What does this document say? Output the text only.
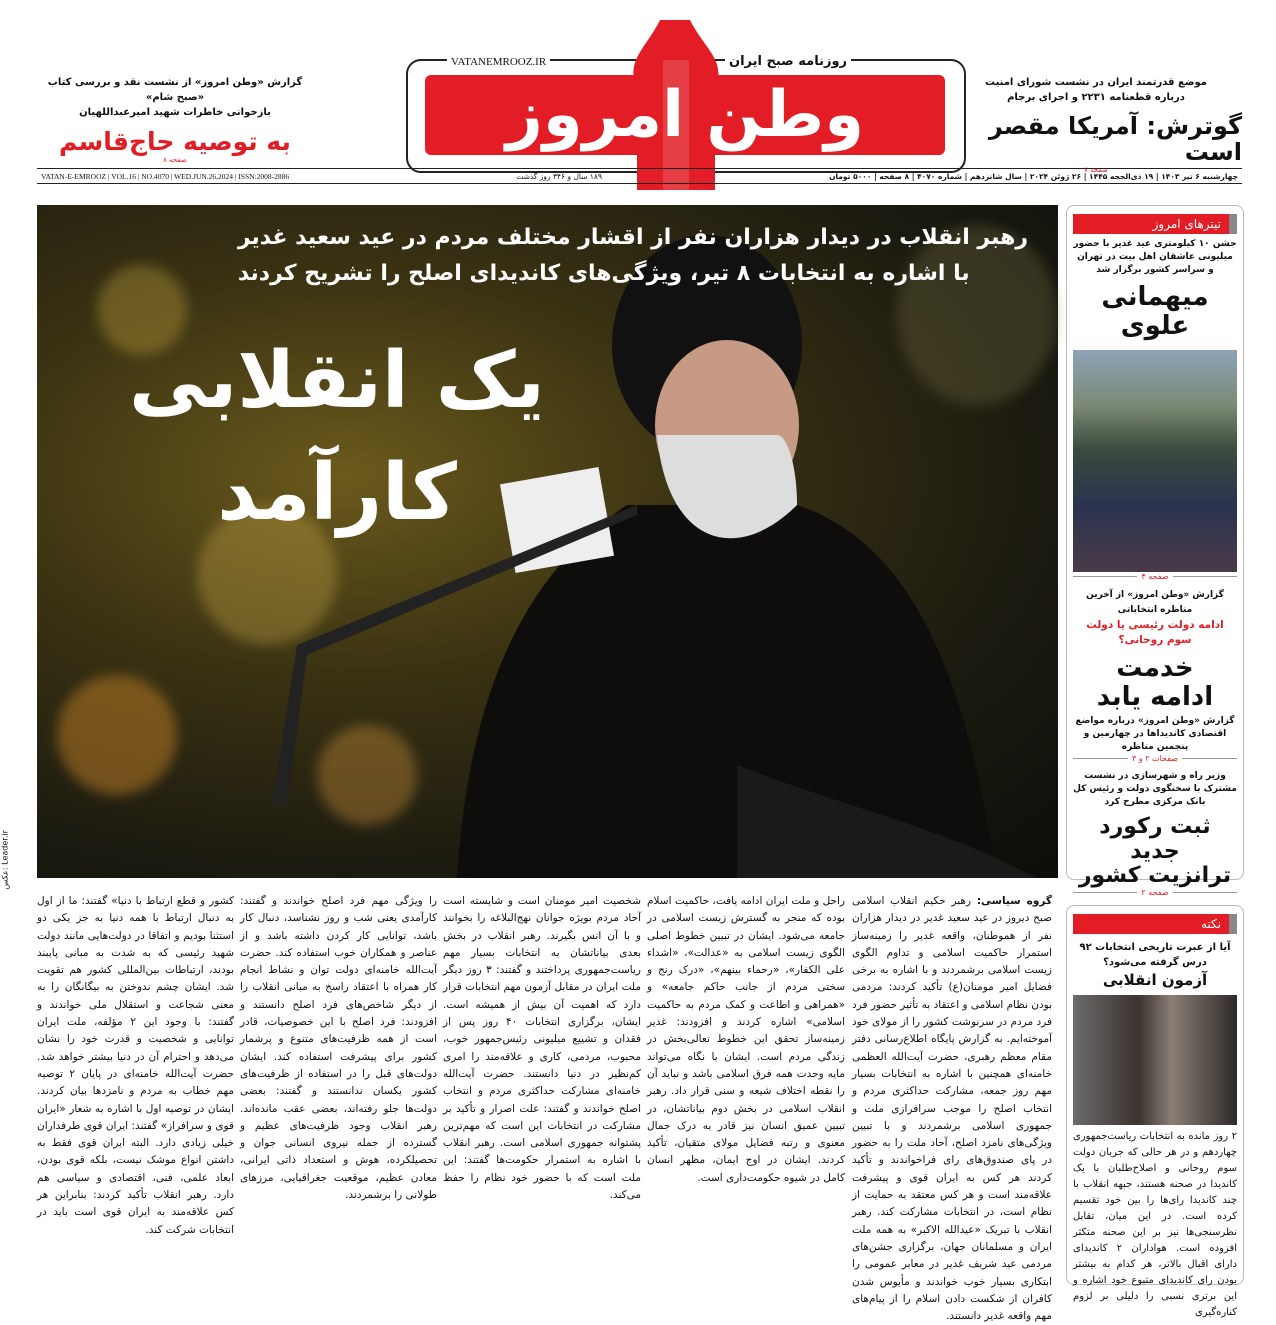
وطن امروز
VATANEMROOZ.IR	روزنامه صبح ایران
گزارش «وطن امروز» از نشست نقد و بررسی کتاب «صبح شام»
بازخوانی خاطرات شهید امیرعبداللهیان
به توصیه حاج‌قاسم
صفحه ۸
موضع قدرتمند ایران در نشست شورای امنیت
درباره قطعنامه ۲۲۳۱ و اجرای برجام
گوترش: آمریکا مقصر است
صفحه ۷
VATAN-E-EMROOZ | VOL.16 | NO.4070 | WED.JUN.26,2024 | ISSN:2008-2886	۱۸۹ سال و ۳۴۶ روز گذشت	چهارشنبه ۶ تیر ۱۴۰۳ | ۱۹ ذی‌الحجه ۱۴۴۵ | ۲۶ ژوئن ۲۰۲۴ | سال شانزدهم | شماره ۴۰۷۰ | ۸ صفحه | ۵۰۰۰ تومان
رهبر انقلاب در دیدار هزاران نفر از اقشار مختلف مردم در عید سعید غدیر
با اشاره به انتخابات ۸ تیر، ویژگی‌های کاندیدای اصلح را تشریح کردند
یک انقلابی
کارآمد
عکس: Leader.ir
تیترهای امروز
جشن ۱۰ کیلومتری عید غدیر با حضور میلیونی عاشقان اهل بیت در تهران و سراسر کشور برگزار شد
میهمانی
علوی
صفحه ۴
گزارش «وطن امروز» از آخرین مناظره انتخاباتی
ادامه دولت رئیسی یا دولت سوم روحانی؟
خدمت
ادامه یابد
گزارش «وطن امروز» درباره مواضع اقتصادی کاندیداها در چهارمین و پنجمین مناظره
صفحات ۲ و ۳
وزیر راه و شهرسازی در نشست مشترک با سخنگوی دولت و رئیس کل بانک مرکزی مطرح کرد
ثبت رکورد جدید
ترانزیت کشور
صفحه ۲
نکته
آیا از عبرت تاریخی انتخابات ۹۲ درس گرفته می‌شود؟
آزمون انقلابی
۲ روز مانده به انتخابات ریاست‌جمهوری چهاردهم و در هر حالی که جریان دولت سوم روحانی و اصلاح‌طلبان با یک کاندیدا در صحنه هستند، جبهه انقلاب با چند کاندیدا رای‌ها را بین خود تقسیم کرده است. در این میان، تقابل نظرسنجی‌ها نیز بر این صحنه متکثر افزوده است. هواداران ۲ کاندیدای دارای اقبال بالاتر، هر کدام به بیشتر بودن رای کاندیدای متبوع خود اشاره و این برتری نسبی را دلیلی بر لزوم کناره‌گیری
گروه سیاسی: رهبر حکیم انقلاب اسلامی صبح دیروز در عید سعید غدیر در دیدار هزاران نفر از هموطنان، واقعه غدیر را زمینه‌ساز استمرار حاکمیت اسلامی و تداوم الگوی زیست اسلامی برشمردند و با اشاره به برخی فضایل امیر مومنان(ع) تأکید کردند: مردمی بودن نظام اسلامی و اعتقاد به تأثیر حضور فرد فرد مردم در سرنوشت کشور را از مولای خود آموخته‌ایم. به گزارش پایگاه اطلاع‌رسانی دفتر مقام معظم رهبری، حضرت آیت‌الله العظمی خامنه‌ای همچنین با اشاره به انتخابات بسیار مهم روز جمعه، مشارکت حداکثری مردم و انتخاب اصلح را موجب سرافرازی ملت و جمهوری اسلامی برشمردند و با تبیین ویژگی‌های نامزد اصلح، آحاد ملت را به حضور در پای صندوق‌های رای فراخواندند و تأکید کردند هر کس به ایران قوی و پیشرفت علاقه‌مند است و هر کس معتقد به حمایت از نظام است، در انتخابات مشارکت کند. رهبر انقلاب با تبریک «عیدالله الاکبر» به همه ملت ایران و مسلمانان جهان، برگزاری جشن‌های مردمی عید شریف غدیر در معابر عمومی را ابتکاری بسیار خوب خواندند و مأیوس شدن کافران از شکست دادن اسلام را از پیام‌های مهم واقعه غدیر دانستند.
راحل و ملت ایران ادامه یافت، حاکمیت اسلام بوده که منجر به گسترش زیست اسلامی در جامعه می‌شود. ایشان در تبیین خطوط اصلی الگوی زیست اسلامی به «عدالت»، «اشداء علی الکفار»، «رحماء بینهم»، «درک رنج و سختی مردم از جانب حاکم جامعه» و «همراهی و اطاعت و کمک مردم به حاکمیت اسلامی» اشاره کردند و افزودند: غدیر زمینه‌ساز تحقق این خطوط تعالی‌بخش در زندگی مردم است. ایشان با نگاه می‌تواند مایه وحدت همه فرق اسلامی باشد و نباید آن را نقطه اختلاف شیعه و سنی قرار داد. رهبر انقلاب اسلامی در بخش دوم بیاناتشان، در تبیین عمیق انسان نیز قادر به درک جمال معنوی و رتبه فضایل مولای متقیان، تأکید کردند. ایشان در اوج ایمان، مظهر انسان کامل در شیوه حکومت‌داری است.
شخصیت امیر مومنان است و شایسته است آحاد مردم بویژه جوانان نهج‌البلاغه را بخوانند و با آن انس بگیرند. رهبر انقلاب در بخش بعدی بیاناتشان به انتخابات بسیار مهم ریاست‌جمهوری پرداختند و گفتند: ۳ روز دیگر ملت ایران در مقابل آزمون مهم انتخابات قرار دارد که اهمیت آن بیش از همیشه است. ایشان، برگزاری انتخابات ۴۰ روز پس از فقدان و تشییع میلیونی رئیس‌جمهور خوب، محبوب، مردمی، کاری و علاقه‌مند را امری کم‌نظیر در دنیا دانستند. حضرت آیت‌الله خامنه‌ای مشارکت حداکثری مردم و انتخاب اصلح خواندند و گفتند: علت اصرار و تأکید بر مشارکت در انتخابات این است که مهم‌ترین پشتوانه جمهوری اسلامی است. رهبر انقلاب با اشاره به استمرار حکومت‌ها گفتند: این ملت است که با حضور خود نظام را حفظ می‌کند.
را ویژگی مهم فرد اصلح خواندند و گفتند: کارآمدی یعنی شب و روز نشناسد، دنبال کار باشد، توانایی کار کردن داشته باشد و از عناصر و همکاران خوب استفاده کند. حضرت آیت‌الله خامنه‌ای دولت توان و نشاط انجام کار همراه با اعتقاد راسخ به مبانی انقلاب را از دیگر شاخص‌های فرد اصلح دانستند و افزودند: فرد اصلح با این خصوصیات، قادر است از همه ظرفیت‌های متنوع و پرشمار کشور برای پیشرفت استفاده کند. ایشان دولت‌های قبل را در استفاده از ظرفیت‌های کشور یکسان ندانستند و گفتند: بعضی دولت‌ها جلو رفته‌اند، بعضی عقب مانده‌اند. رهبر انقلاب وجود ظرفیت‌های عظیم و گسترده از جمله نیروی انسانی جوان و تحصیلکرده، هوش و استعداد ذاتی ایرانی، معادن عظیم، موقعیت جغرافیایی، مرزهای طولانی را برشمردند.
کشور و قطع ارتباط با دنیا» گفتند: ما از اول به دنبال ارتباط با همه دنیا به جز یکی دو استثنا بودیم و اتفاقا در دولت‌هایی مانند دولت شهید رئیسی که به شدت به مبانی پایبند بودند، ارتباطات بین‌المللی کشور هم تقویت شد. ایشان چشم ندوختن به بیگانگان را به معنی شجاعت و استقلال ملی خواندند و گفتند: با وجود این ۲ مؤلفه، ملت ایران توانایی و شخصیت و قدرت خود را نشان می‌دهد و احترام آن در دنیا بیشتر خواهد شد. حضرت آیت‌الله خامنه‌ای در پایان ۲ توصیه مهم خطاب به مردم و نامزدها بیان کردند. ایشان در توصیه اول با اشاره به شعار «ایران قوی و سرافراز» گفتند: ایران قوی طرفداران خیلی زیادی دارد. البته ایران قوی فقط به داشتن انواع موشک نیست، بلکه قوی بودن، ابعاد علمی، فنی، اقتصادی و سیاسی هم دارد. رهبر انقلاب تأکید کردند: بنابراین هر کس علاقه‌مند به ایران قوی است باید در انتخابات شرکت کند.
